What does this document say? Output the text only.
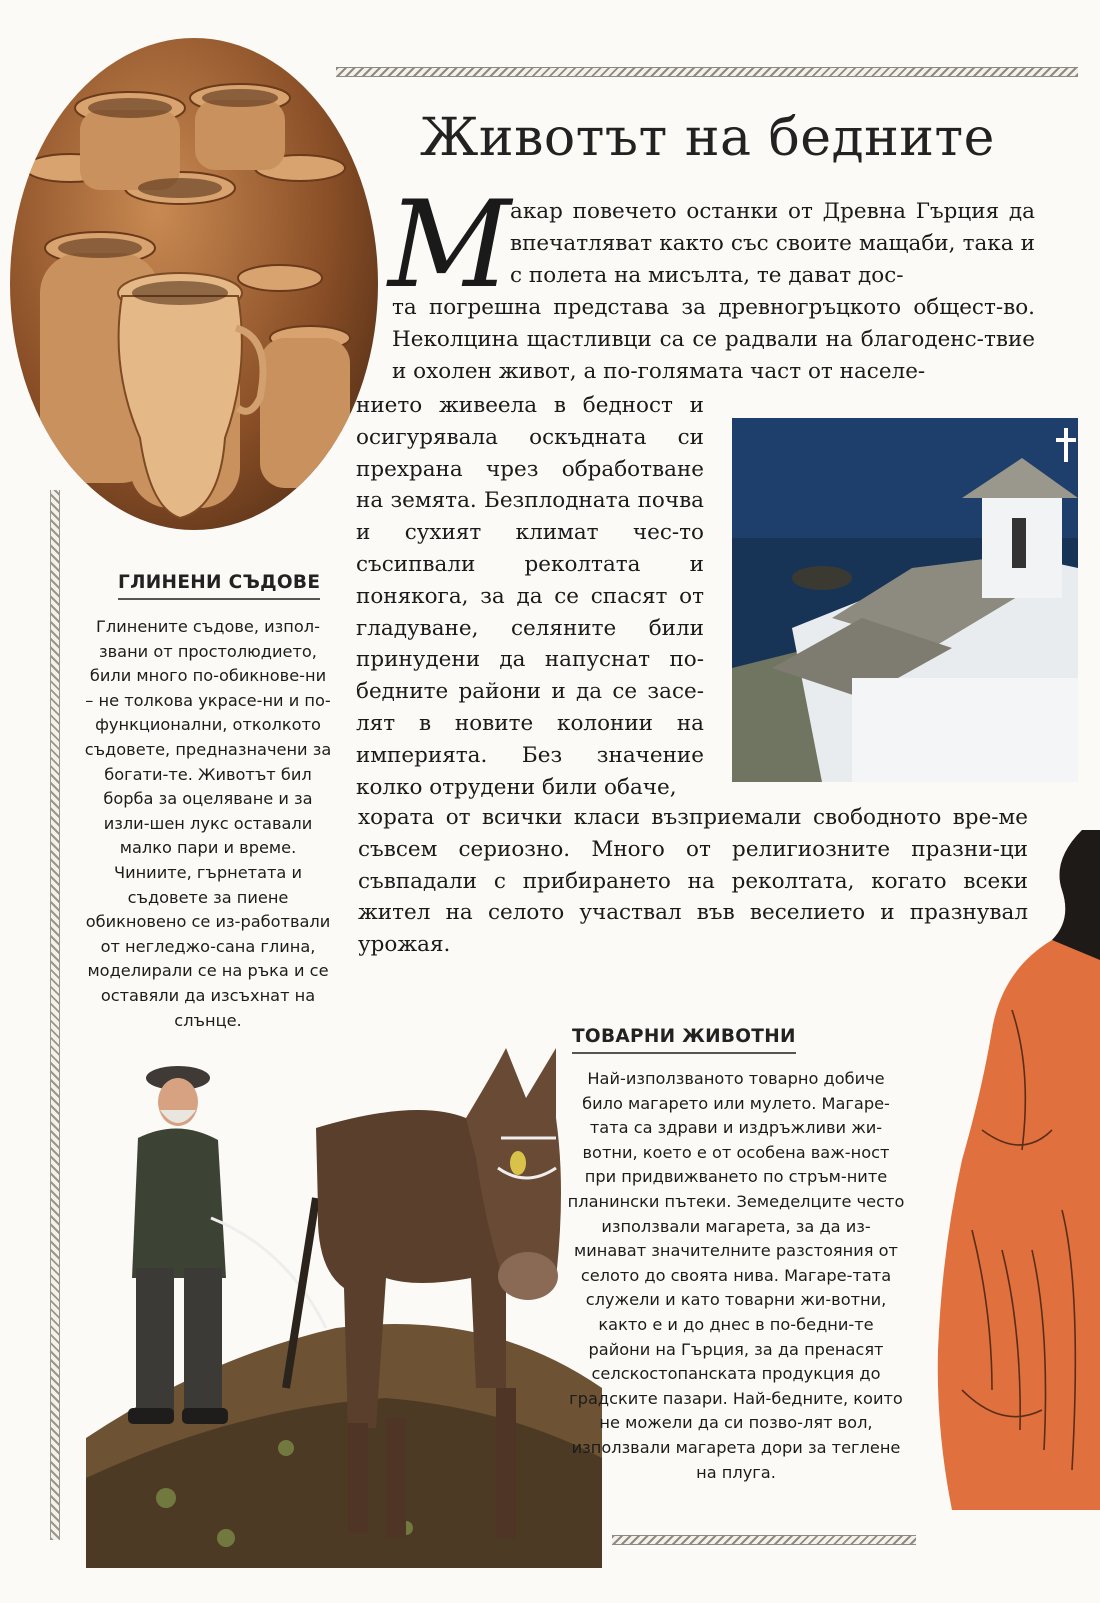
Животът на бедните
М акар повечето останки от Древна Гърция да впечатляват както със своите мащаби, така и с полета на мисълта, те дават дос-

та погрешна представа за древногръцкото общест-во. Неколцина щастливци са се радвали на благоденс-твие и охолен живот, а по-голямата част от населе-

нието живеела в бедност и осигурявала оскъдната си прехрана чрез обработване на земята. Безплодната почва и сухият климат чес-то съсипвали реколтата и понякога, за да се спасят от гладуване, селяните били принудени да напуснат по-бедните райони и да се засе-лят в новите колонии на империята. Без значение колко отрудени били обаче,

хората от всички класи възприемали свободното вре-ме съвсем сериозно. Много от религиозните празни-ци съвпадали с прибирането на реколтата, когато всеки жител на селото участвал във веселието и празнувал урожая.

ГЛИНЕНИ СЪДОВЕ

Глинените съдове, изпол-звани от простолюдието, били много по-обикнове-ни – не толкова украсе-ни и по-функционални, отколкото съдовете, предназначени за богати-те. Животът бил борба за оцеляване и за изли-шен лукс оставали малко пари и време. Чиниите, гърнетата и съдовете за пиене обикновено се из-работвали от негледжо-сана глина, моделирали се на ръка и се оставяли да изсъхнат на слънце.

ТОВАРНИ ЖИВОТНИ

Най-използваното товарно добиче било магарето или мулето. Магаре-тата са здрави и издръжливи жи-вотни, което е от особена важ-ност при придвижването по стръм-ните планински пътеки. Земеделците често използвали магарета, за да из-минават значителните разстояния от селото до своята нива. Магаре-тата служели и като товарни жи-вотни, както е и до днес в по-бедни-те райони на Гърция, за да пренасят селскостопанската продукция до градските пазари. Най-бедните, които не можели да си позво-лят вол, използвали магарета дори за теглене на плуга.
